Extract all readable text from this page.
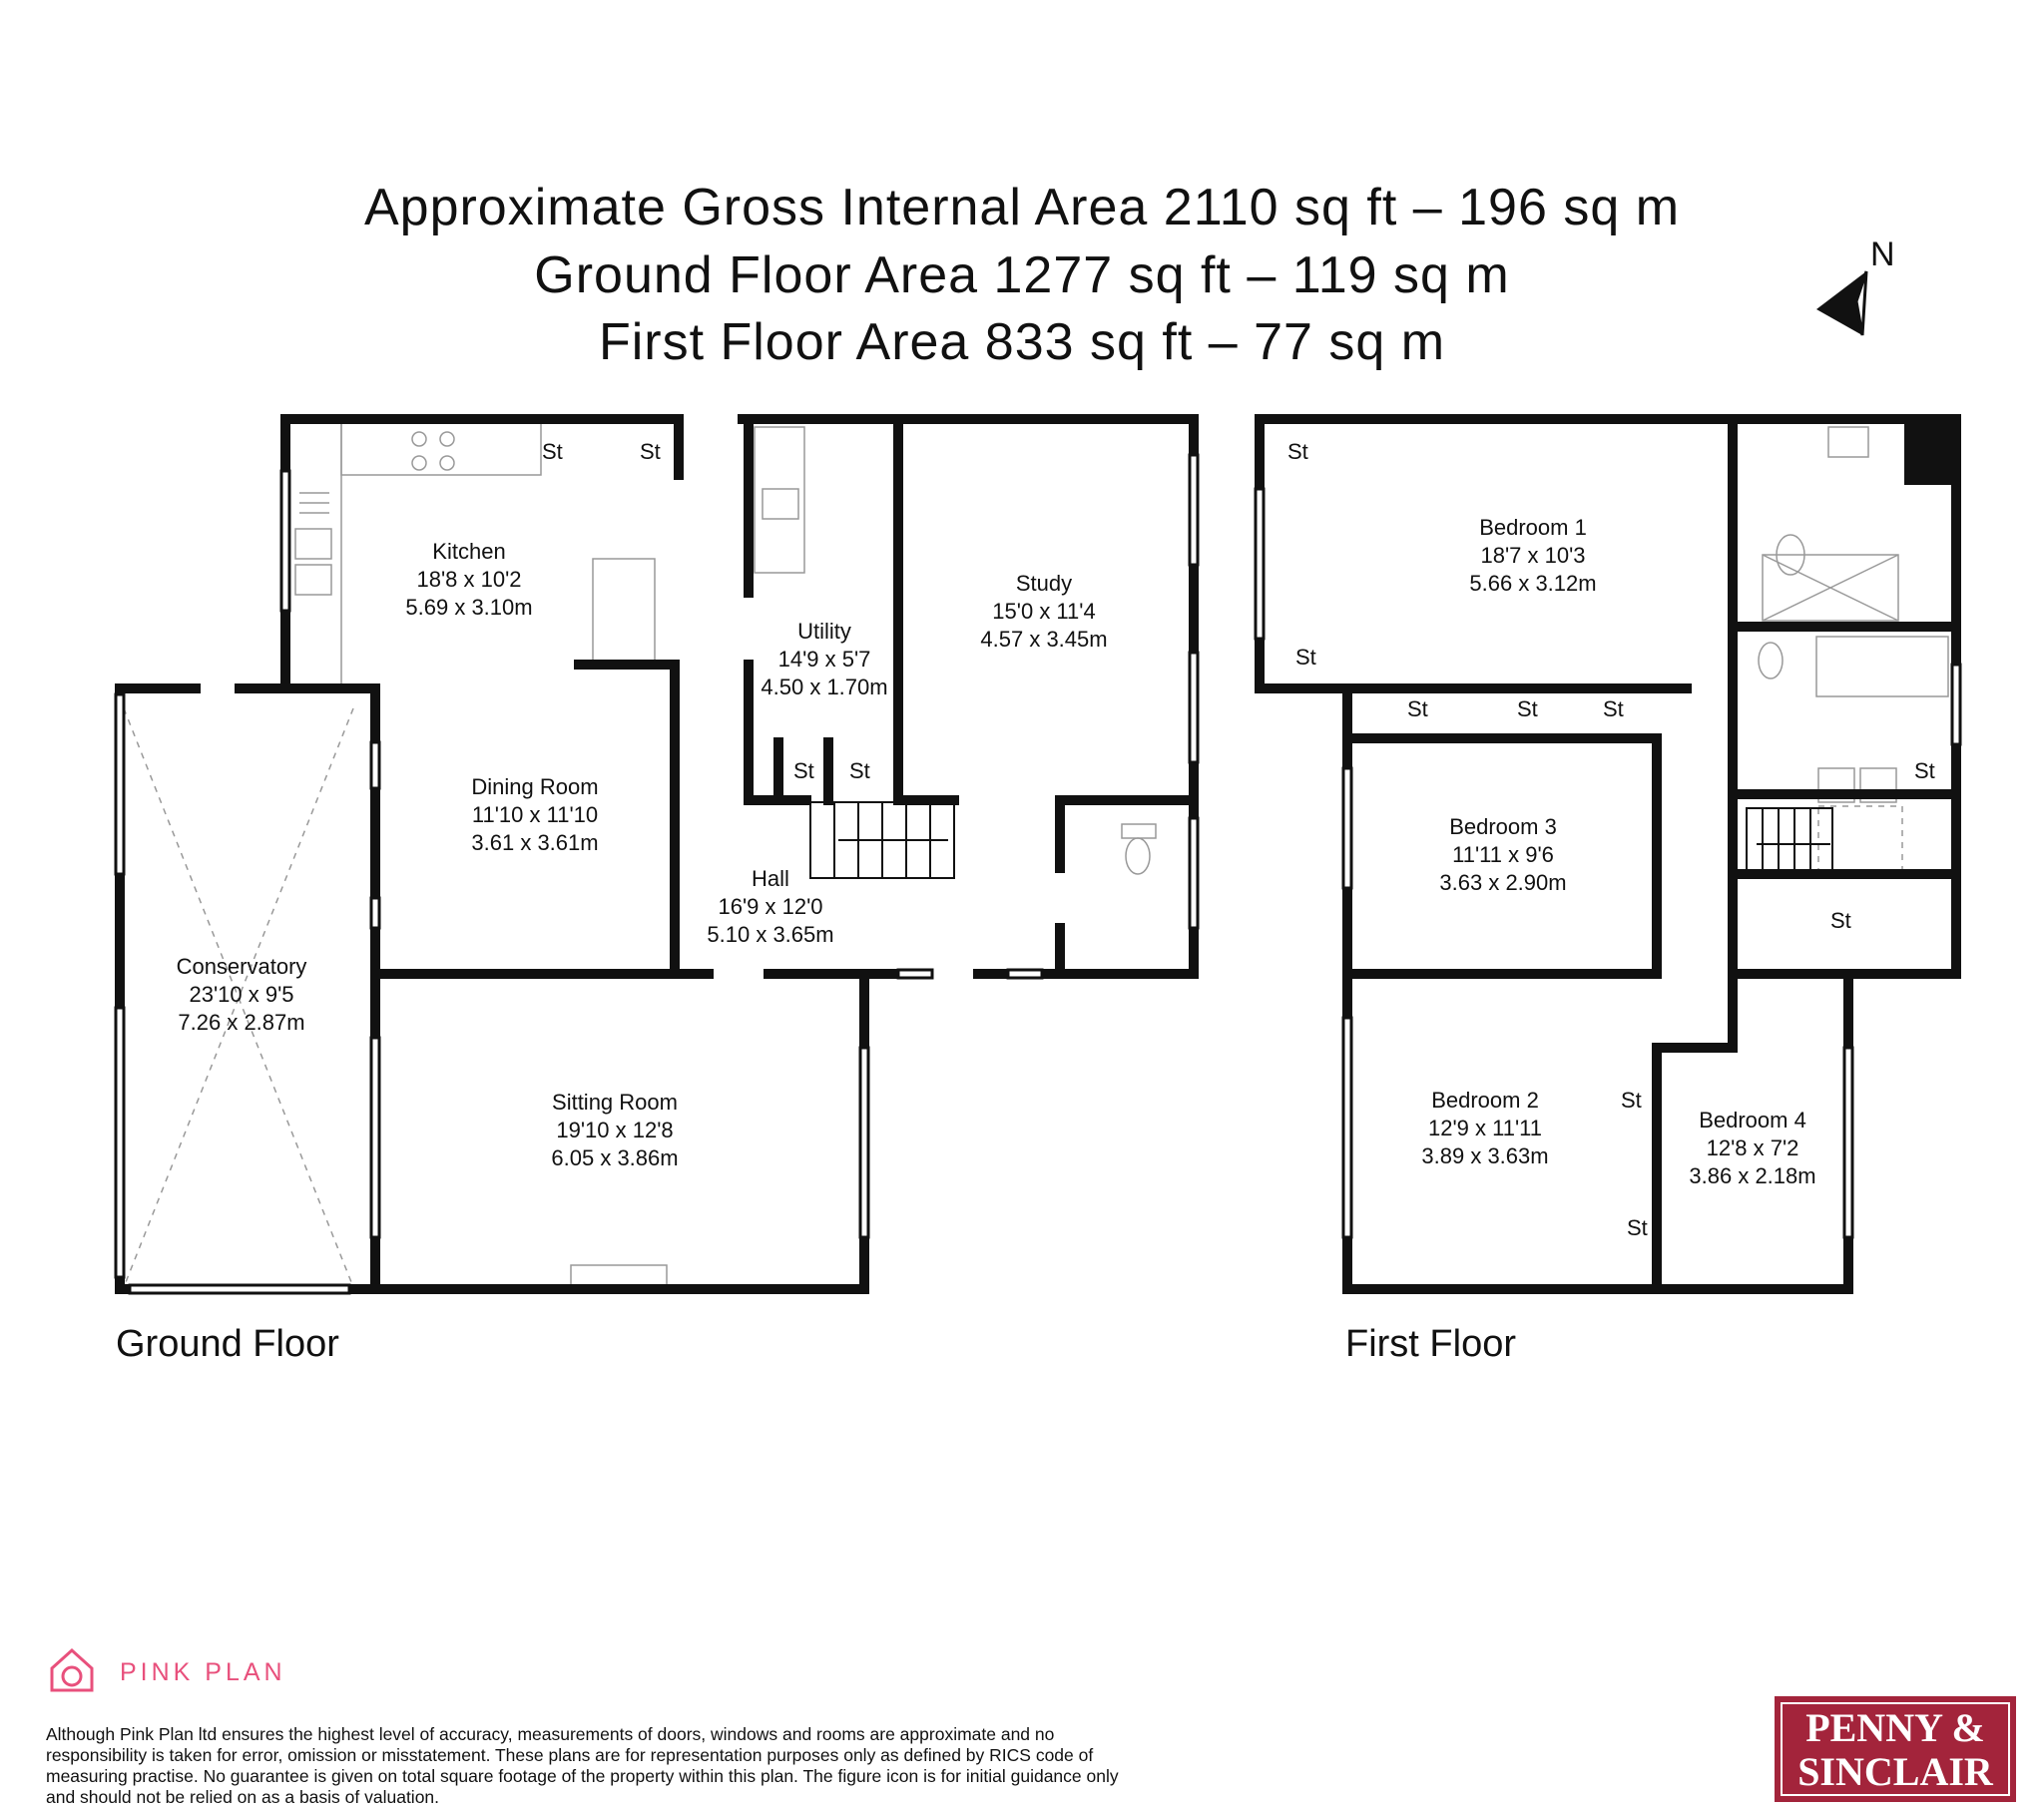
Approximate Gross Internal Area 2110 sq ft – 196 sq m
Ground Floor Area 1277 sq ft – 119 sq m
First Floor Area 833 sq ft – 77 sq m
N
St	St
St St
St
St
St	St	St
St
St
St
St
Kitchen
18'8 x 10'2
5.69 x 3.10m
Dining Room
11'10 x 11'10
3.61 x 3.61m
Utility
14'9 x 5'7
4.50 x 1.70m
Study
15'0 x 11'4
4.57 x 3.45m
Hall
16'9 x 12'0
5.10 x 3.65m
Conservatory
23'10 x 9'5
7.26 x 2.87m
Sitting Room
19'10 x 12'8
6.05 x 3.86m
Bedroom 1
18'7 x 10'3
5.66 x 3.12m
Bedroom 3
11'11 x 9'6
3.63 x 2.90m
Bedroom 2
12'9 x 11'11
3.89 x 3.63m
Bedroom 4
12'8 x 7'2
3.86 x 2.18m
Ground Floor	First Floor
PINK PLAN
Although Pink Plan ltd ensures the highest level of accuracy, measurements of doors, windows and rooms are approximate and no responsibility is taken for error, omission or misstatement. These plans are for representation purposes only as defined by RICS code of measuring practise. No guarantee is given on total square footage of the property within this plan. The figure icon is for initial guidance only and should not be relied on as a basis of valuation.
PENNY &
SINCLAIR
